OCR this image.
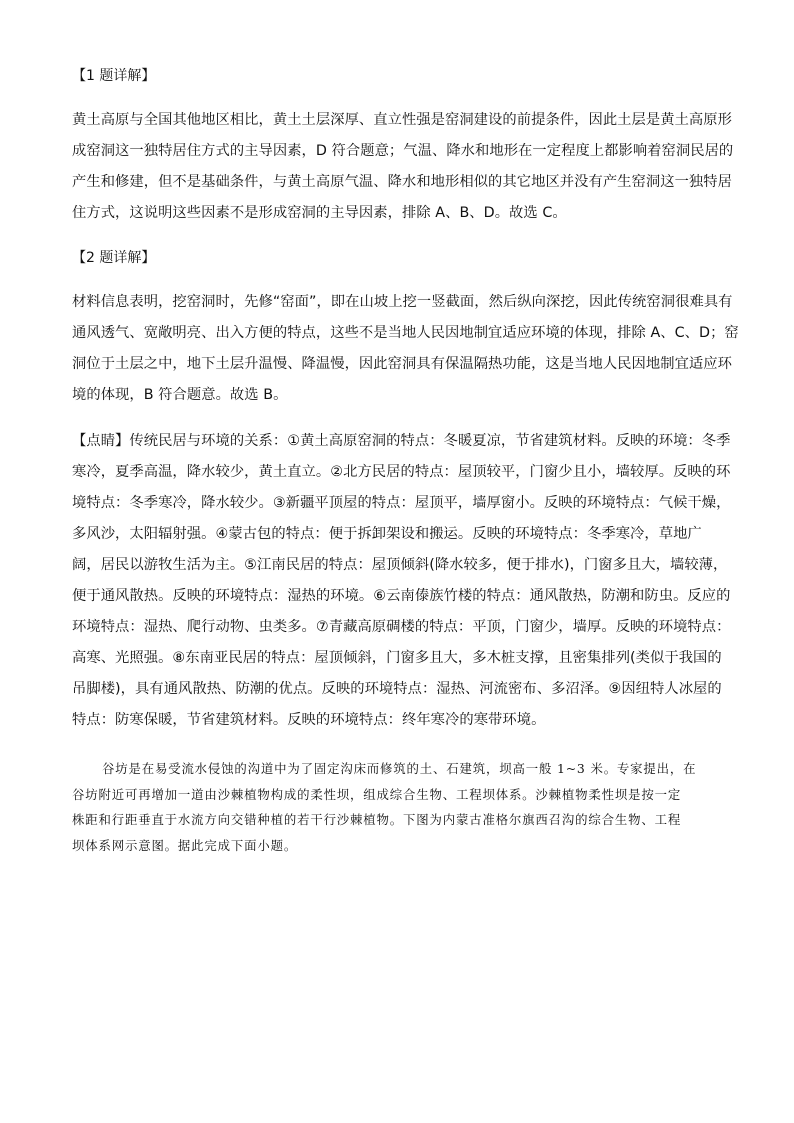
【1 题详解】
黄土高原与全国其他地区相比，黄土土层深厚、直立性强是窑洞建设的前提条件，因此土层是黄土高原形
成窑洞这一独特居住方式的主导因素，D 符合题意；气温、降水和地形在一定程度上都影响着窑洞民居的
产生和修建，但不是基础条件，与黄土高原气温、降水和地形相似的其它地区并没有产生窑洞这一独特居
住方式，这说明这些因素不是形成窑洞的主导因素，排除 A、B、D。故选 C。
【2 题详解】
材料信息表明，挖窑洞时，先修“窑面”，即在山坡上挖一竖截面，然后纵向深挖，因此传统窑洞很难具有
通风透气、宽敞明亮、出入方便的特点，这些不是当地人民因地制宜适应环境的体现，排除 A、C、D；窑
洞位于土层之中，地下土层升温慢、降温慢，因此窑洞具有保温隔热功能，这是当地人民因地制宜适应环
境的体现，B 符合题意。故选 B。
【点睛】传统民居与环境的关系：①黄土高原窑洞的特点：冬暖夏凉，节省建筑材料。反映的环境：冬季
寒冷，夏季高温，降水较少，黄土直立。②北方民居的特点：屋顶较平，门窗少且小，墙较厚。反映的环
境特点：冬季寒冷，降水较少。③新疆平顶屋的特点：屋顶平，墙厚窗小。反映的环境特点：气候干燥，
多风沙，太阳辐射强。④蒙古包的特点：便于拆卸架设和搬运。反映的环境特点：冬季寒冷，草地广
阔，居民以游牧生活为主。⑤江南民居的特点：屋顶倾斜(降水较多，便于排水)，门窗多且大，墙较薄，
便于通风散热。反映的环境特点：湿热的环境。⑥云南傣族竹楼的特点：通风散热，防潮和防虫。反应的
环境特点：湿热、爬行动物、虫类多。⑦青藏高原碉楼的特点：平顶，门窗少，墙厚。反映的环境特点：
高寒、光照强。⑧东南亚民居的特点：屋顶倾斜，门窗多且大，多木桩支撑，且密集排列(类似于我国的
吊脚楼)，具有通风散热、防潮的优点。反映的环境特点：湿热、河流密布、多沼泽。⑨因纽特人冰屋的
特点：防寒保暖，节省建筑材料。反映的环境特点：终年寒冷的寒带环境。
谷坊是在易受流水侵蚀的沟道中为了固定沟床而修筑的土、石建筑，坝高一般 1~3 米。专家提出，在
谷坊附近可再增加一道由沙棘植物构成的柔性坝，组成综合生物、工程坝体系。沙棘植物柔性坝是按一定
株距和行距垂直于水流方向交错种植的若干行沙棘植物。下图为内蒙古准格尔旗西召沟的综合生物、工程
坝体系网示意图。据此完成下面小题。
